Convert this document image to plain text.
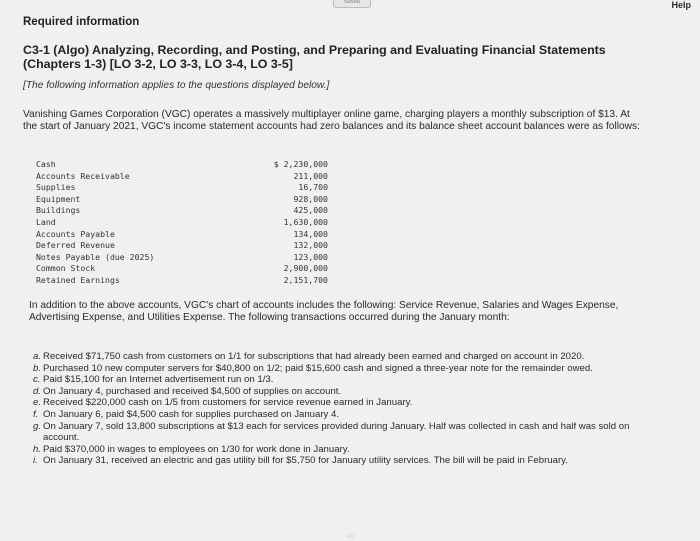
Saved	Help
Required information
C3-1 (Algo) Analyzing, Recording, and Posting, and Preparing and Evaluating Financial Statements (Chapters 1-3) [LO 3-2, LO 3-3, LO 3-4, LO 3-5]
[The following information applies to the questions displayed below.]
Vanishing Games Corporation (VGC) operates a massively multiplayer online game, charging players a monthly subscription of $13. At the start of January 2021, VGC's income statement accounts had zero balances and its balance sheet account balances were as follows:
Cash	$ 2,230,000
Accounts Receivable	211,000
Supplies	16,700
Equipment	928,000
Buildings	425,000
Land	1,630,000
Accounts Payable	134,000
Deferred Revenue	132,000
Notes Payable (due 2025)	123,000
Common Stock	2,900,000
Retained Earnings	2,151,700
In addition to the above accounts, VGC's chart of accounts includes the following: Service Revenue, Salaries and Wages Expense, Advertising Expense, and Utilities Expense. The following transactions occurred during the January month:
a. Received $71,750 cash from customers on 1/1 for subscriptions that had already been earned and charged on account in 2020.
b. Purchased 10 new computer servers for $40,800 on 1/2; paid $15,600 cash and signed a three-year note for the remainder owed.
c. Paid $15,100 for an Internet advertisement run on 1/3.
d. On January 4, purchased and received $4,500 of supplies on account.
e. Received $220,000 cash on 1/5 from customers for service revenue earned in January.
f. On January 6, paid $4,500 cash for supplies purchased on January 4.
g. On January 7, sold 13,800 subscriptions at $13 each for services provided during January. Half was collected in cash and half was sold on account.
h. Paid $370,000 in wages to employees on 1/30 for work done in January.
i. On January 31, received an electric and gas utility bill for $5,750 for January utility services. The bill will be paid in February.
○○
